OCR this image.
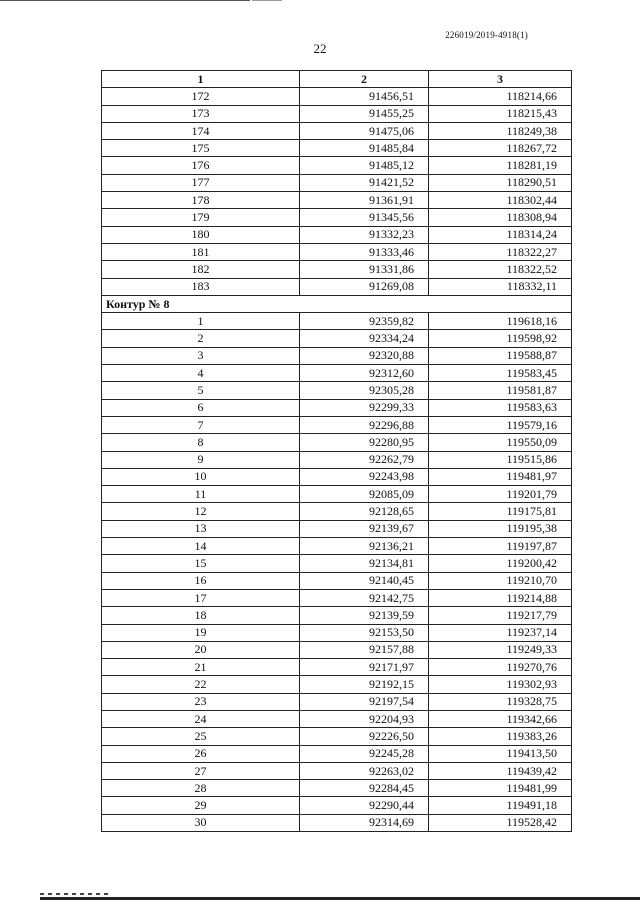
226019/2019-4918(1)
22
1	2	3
172	91456,51	118214,66
173	91455,25	118215,43
174	91475,06	118249,38
175	91485,84	118267,72
176	91485,12	118281,19
177	91421,52	118290,51
178	91361,91	118302,44
179	91345,56	118308,94
180	91332,23	118314,24
181	91333,46	118322,27
182	91331,86	118322,52
183	91269,08	118332,11
Контур № 8		
1	92359,82	119618,16
2	92334,24	119598,92
3	92320,88	119588,87
4	92312,60	119583,45
5	92305,28	119581,87
6	92299,33	119583,63
7	92296,88	119579,16
8	92280,95	119550,09
9	92262,79	119515,86
10	92243,98	119481,97
11	92085,09	119201,79
12	92128,65	119175,81
13	92139,67	119195,38
14	92136,21	119197,87
15	92134,81	119200,42
16	92140,45	119210,70
17	92142,75	119214,88
18	92139,59	119217,79
19	92153,50	119237,14
20	92157,88	119249,33
21	92171,97	119270,76
22	92192,15	119302,93
23	92197,54	119328,75
24	92204,93	119342,66
25	92226,50	119383,26
26	92245,28	119413,50
27	92263,02	119439,42
28	92284,45	119481,99
29	92290,44	119491,18
30	92314,69	119528,42
